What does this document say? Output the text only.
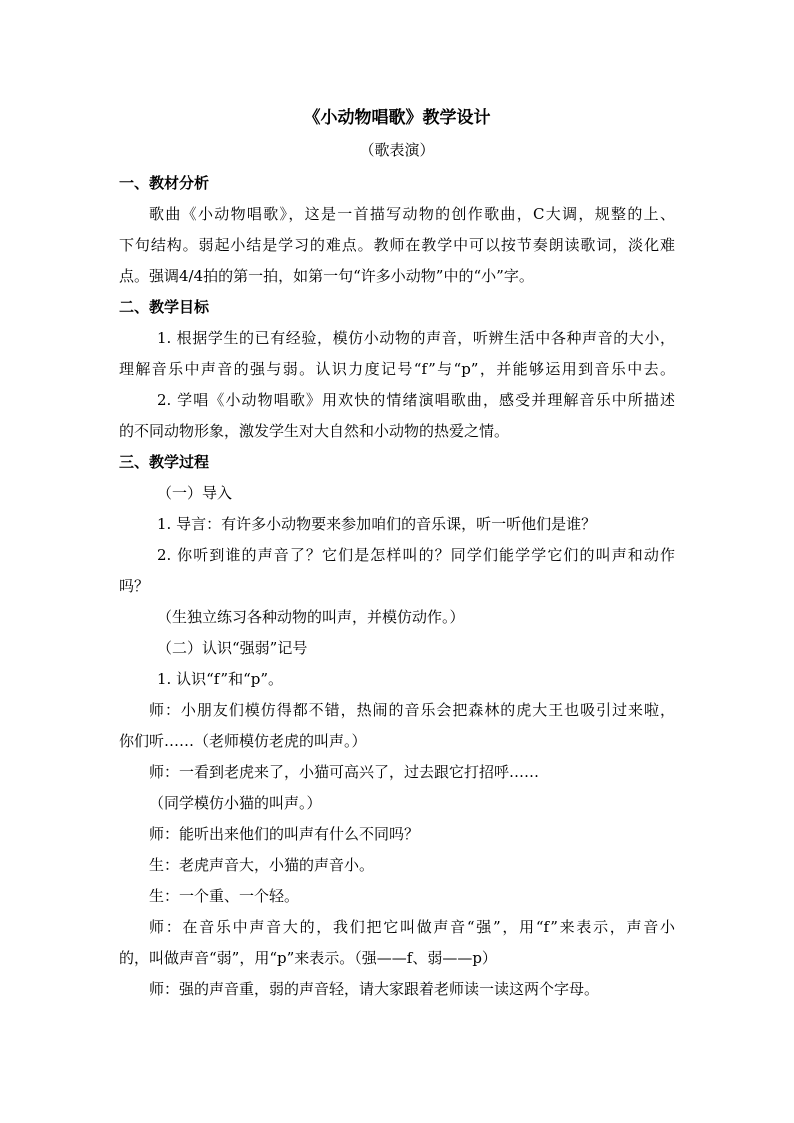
《小动物唱歌》教学设计
（歌表演）
一、教材分析
歌曲《小动物唱歌》，这是一首描写动物的创作歌曲，C大调，规整的上、
下句结构。弱起小结是学习的难点。教师在教学中可以按节奏朗读歌词，淡化难
点。强调4/4拍的第一拍，如第一句“许多小动物”中的“小”字。
二、教学目标
1. 根据学生的已有经验，模仿小动物的声音，听辨生活中各种声音的大小，
理解音乐中声音的强与弱。认识力度记号“f”与“p”，并能够运用到音乐中去。
2. 学唱《小动物唱歌》用欢快的情绪演唱歌曲，感受并理解音乐中所描述
的不同动物形象，激发学生对大自然和小动物的热爱之情。
三、教学过程
（一）导入
1. 导言：有许多小动物要来参加咱们的音乐课，听一听他们是谁？
2. 你听到谁的声音了？它们是怎样叫的？同学们能学学它们的叫声和动作
吗？
（生独立练习各种动物的叫声，并模仿动作。）
（二）认识“强弱”记号
1. 认识“f”和“p”。
师：小朋友们模仿得都不错，热闹的音乐会把森林的虎大王也吸引过来啦，
你们听……（老师模仿老虎的叫声。）
师：一看到老虎来了，小猫可高兴了，过去跟它打招呼……
（同学模仿小猫的叫声。）
师：能听出来他们的叫声有什么不同吗？
生：老虎声音大，小猫的声音小。
生：一个重、一个轻。
师：在音乐中声音大的，我们把它叫做声音“强”，用“f”来表示，声音小
的，叫做声音“弱”，用“p”来表示。（强——f、弱——p）
师：强的声音重，弱的声音轻，请大家跟着老师读一读这两个字母。
